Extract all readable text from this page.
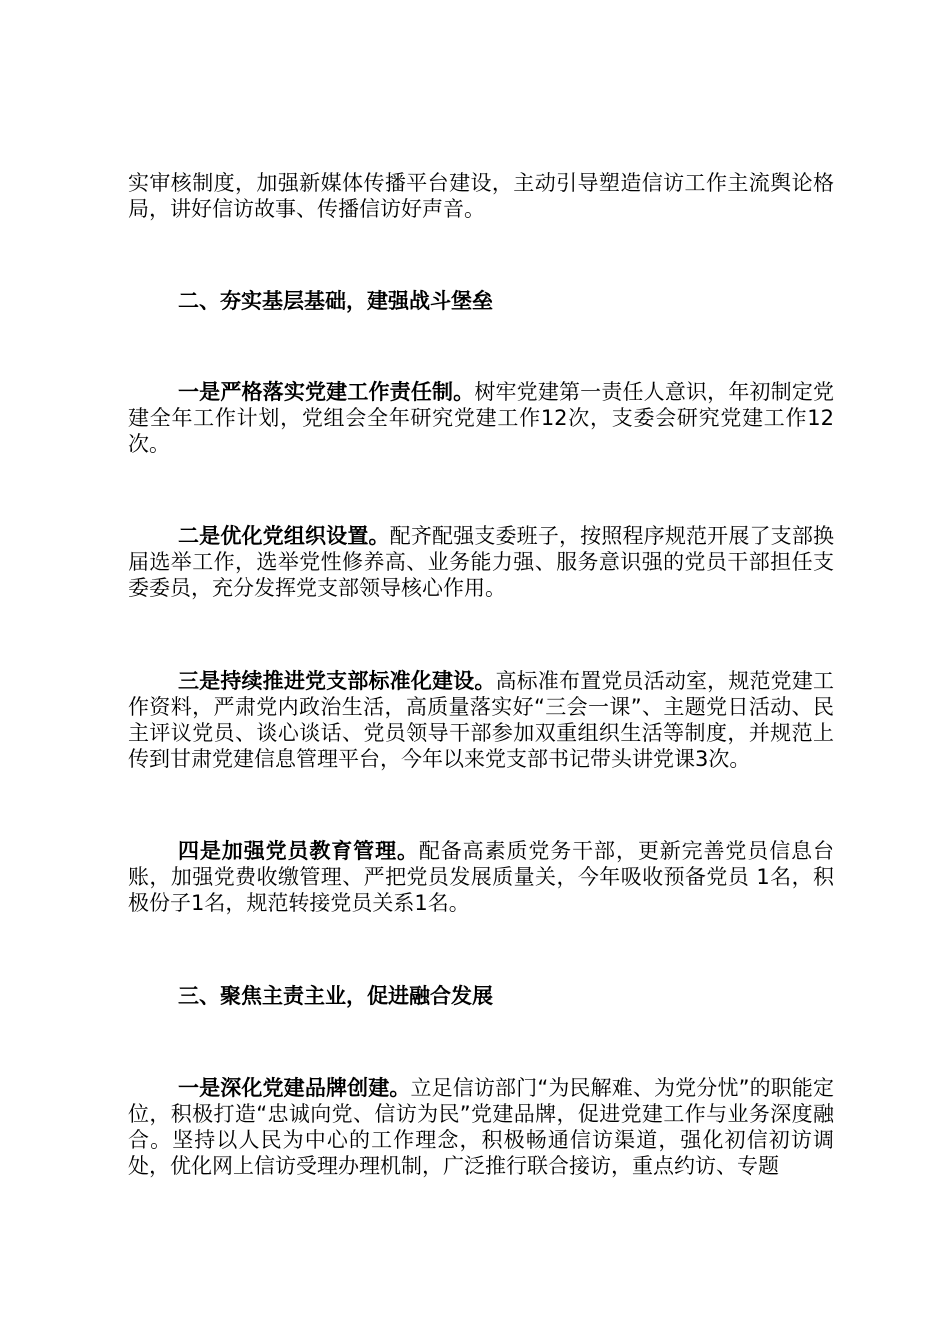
实审核制度，加强新媒体传播平台建设，主动引导塑造信访工作主流舆论格局，讲好信访故事、传播信访好声音。

二、夯实基层基础，建强战斗堡垒

一是严格落实党建工作责任制。树牢党建第一责任人意识，年初制定党建全年工作计划，党组会全年研究党建工作12次，支委会研究党建工作12次。

二是优化党组织设置。配齐配强支委班子，按照程序规范开展了支部换届选举工作，选举党性修养高、业务能力强、服务意识强的党员干部担任支委委员，充分发挥党支部领导核心作用。

三是持续推进党支部标准化建设。高标准布置党员活动室，规范党建工作资料，严肃党内政治生活，高质量落实好“三会一课”、主题党日活动、民主评议党员、谈心谈话、党员领导干部参加双重组织生活等制度，并规范上传到甘肃党建信息管理平台，今年以来党支部书记带头讲党课3次。

四是加强党员教育管理。配备高素质党务干部，更新完善党员信息台账，加强党费收缴管理、严把党员发展质量关，今年吸收预备党员 1名，积极份子1名，规范转接党员关系1名。

三、聚焦主责主业，促进融合发展

一是深化党建品牌创建。立足信访部门“为民解难、为党分忧”的职能定位，积极打造“忠诚向党、信访为民”党建品牌，促进党建工作与业务深度融合。坚持以人民为中心的工作理念，积极畅通信访渠道，强化初信初访调处，优化网上信访受理办理机制，广泛推行联合接访，重点约访、专题
